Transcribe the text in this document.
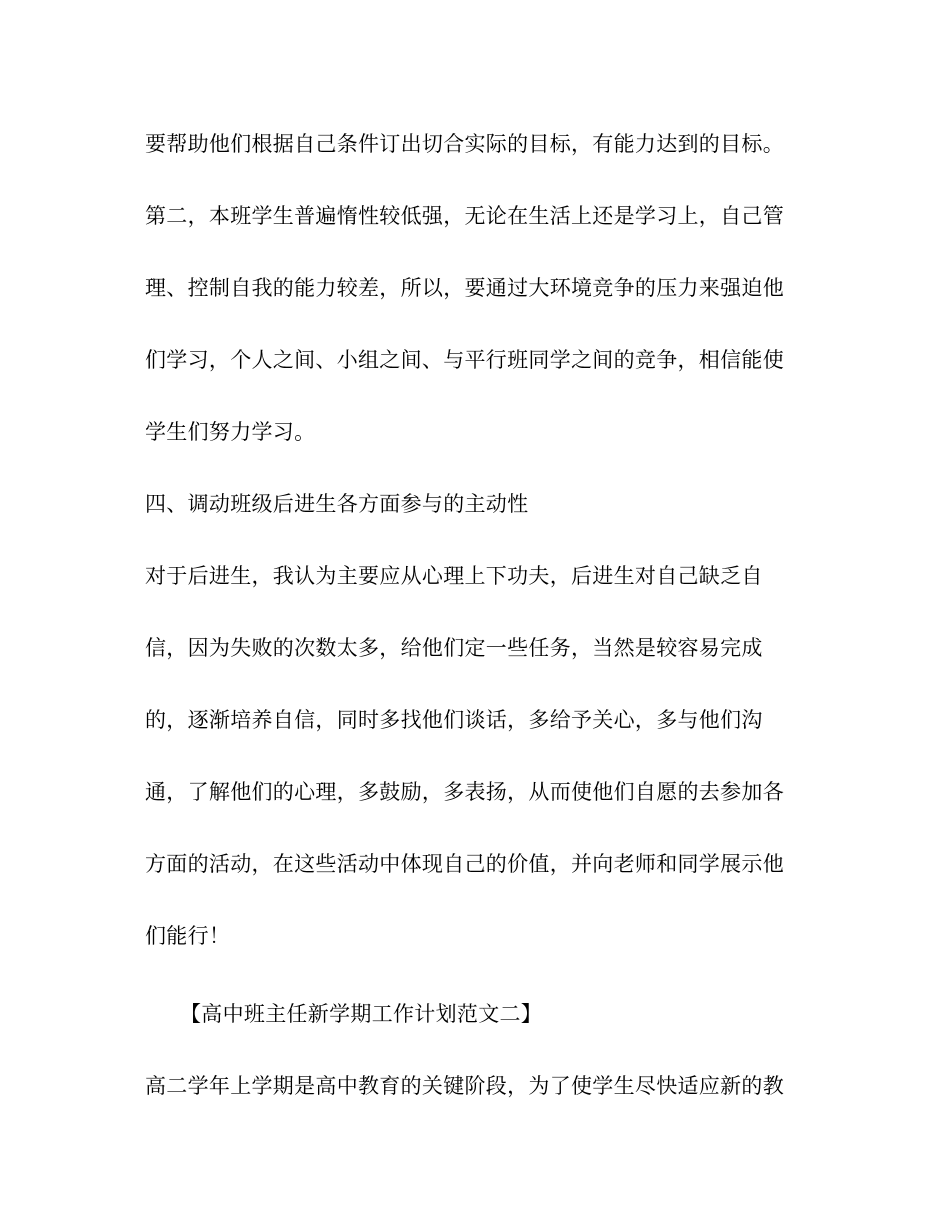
要帮助他们根据自己条件订出切合实际的目标，有能力达到的目标。
第二，本班学生普遍惰性较低强，无论在生活上还是学习上，自己管
理、控制自我的能力较差，所以，要通过大环境竞争的压力来强迫他
们学习，个人之间、小组之间、与平行班同学之间的竞争，相信能使
学生们努力学习。
四、调动班级后进生各方面参与的主动性
对于后进生，我认为主要应从心理上下功夫，后进生对自己缺乏自
信，因为失败的次数太多，给他们定一些任务，当然是较容易完成
的，逐渐培养自信，同时多找他们谈话，多给予关心，多与他们沟
通，了解他们的心理，多鼓励，多表扬，从而使他们自愿的去参加各
方面的活动，在这些活动中体现自己的价值，并向老师和同学展示他
们能行！
【高中班主任新学期工作计划范文二】
高二学年上学期是高中教育的关键阶段，为了使学生尽快适应新的教
